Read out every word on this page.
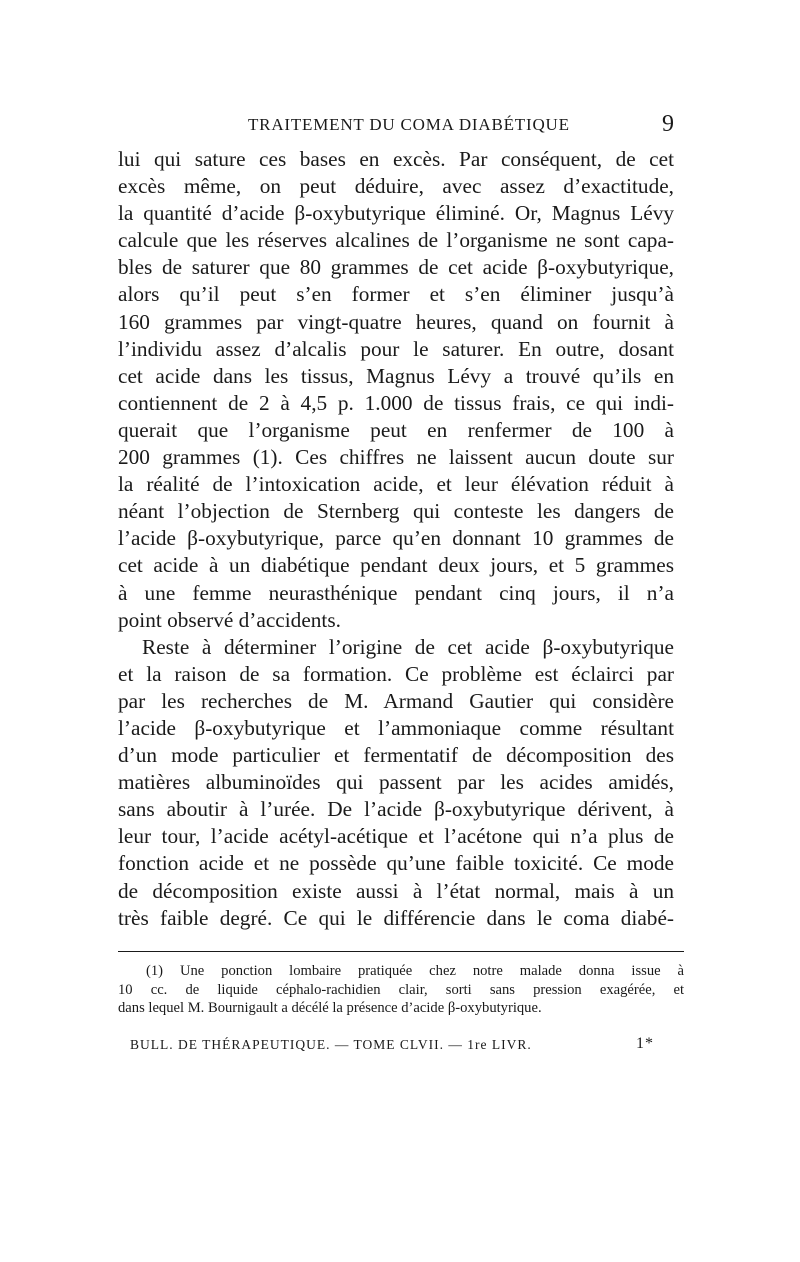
TRAITEMENT DU COMA DIABÉTIQUE	9
lui qui sature ces bases en excès. Par conséquent, de cet
excès même, on peut déduire, avec assez d’exactitude,
la quantité d’acide β-oxybutyrique éliminé. Or, Magnus Lévy
calcule que les réserves alcalines de l’organisme ne sont capa-
bles de saturer que 80 grammes de cet acide β-oxybutyrique,
alors qu’il peut s’en former et s’en éliminer jusqu’à
160 grammes par vingt-quatre heures, quand on fournit à
l’individu assez d’alcalis pour le saturer. En outre, dosant
cet acide dans les tissus, Magnus Lévy a trouvé qu’ils en
contiennent de 2 à 4,5 p. 1.000 de tissus frais, ce qui indi-
querait que l’organisme peut en renfermer de 100 à
200 grammes (1). Ces chiffres ne laissent aucun doute sur
la réalité de l’intoxication acide, et leur élévation réduit à
néant l’objection de Sternberg qui conteste les dangers de
l’acide β-oxybutyrique, parce qu’en donnant 10 grammes de
cet acide à un diabétique pendant deux jours, et 5 grammes
à une femme neurasthénique pendant cinq jours, il n’a
point observé d’accidents.
Reste à déterminer l’origine de cet acide β-oxybutyrique
et la raison de sa formation. Ce problème est éclairci par
par les recherches de M. Armand Gautier qui considère
l’acide β-oxybutyrique et l’ammoniaque comme résultant
d’un mode particulier et fermentatif de décomposition des
matières albuminoïdes qui passent par les acides amidés,
sans aboutir à l’urée. De l’acide β-oxybutyrique dérivent, à
leur tour, l’acide acétyl-acétique et l’acétone qui n’a plus de
fonction acide et ne possède qu’une faible toxicité. Ce mode
de décomposition existe aussi à l’état normal, mais à un
très faible degré. Ce qui le différencie dans le coma diabé-
(1) Une ponction lombaire pratiquée chez notre malade donna issue à
10 cc. de liquide céphalo-rachidien clair, sorti sans pression exagérée, et
dans lequel M. Bournigault a décélé la présence d’acide β-oxybutyrique.
BULL. DE THÉRAPEUTIQUE. — TOME CLVII. — 1re LIVR.	1*
